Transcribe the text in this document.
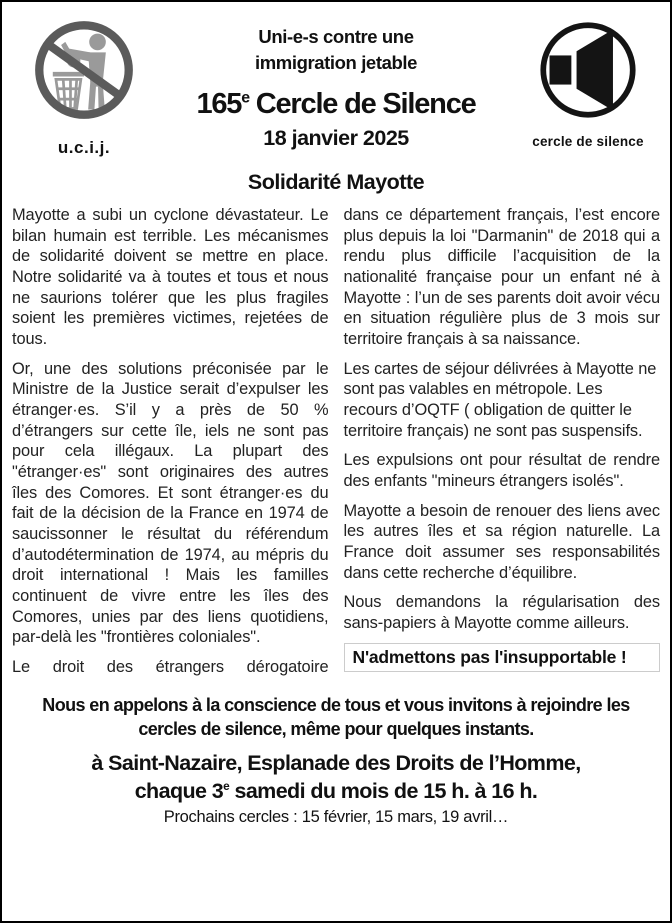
u.c.i.j.
Uni-e-s contre une
immigration jetable
165e Cercle de Silence
18 janvier 2025	cercle de silence
Solidarité Mayotte

Mayotte a subi un cyclone dévastateur. Le bilan humain est terrible. Les mécanismes de solidarité doivent se mettre en place. Notre solidarité va à toutes et tous et nous ne saurions tolérer que les plus fragiles soient les premières victimes, rejetées de tous.

Or, une des solutions préconisée par le Ministre de la Justice serait d’expulser les étranger·es. S’il y a près de 50 % d’étrangers sur cette île, iels ne sont pas pour cela illégaux. La plupart des "étranger·es" sont originaires des autres îles des Comores. Et sont étranger·es du fait de la décision de la France en 1974 de saucissonner le résultat du référendum d’autodétermination de 1974, au mépris du droit international ! Mais les familles continuent de vivre entre les îles des Comores, unies par des liens quotidiens, par-delà les "frontières coloniales".

Le droit des étrangers dérogatoire

dans ce département français, l’est encore plus depuis la loi "Darmanin" de 2018 qui a rendu plus difficile l’acquisition de la nationalité française pour un enfant né à Mayotte : l’un de ses parents doit avoir vécu en situation régulière plus de 3 mois sur territoire français à sa naissance.

Les cartes de séjour délivrées à Mayotte ne sont pas valables en métropole. Les recours d’OQTF ( obligation de quitter le territoire français) ne sont pas suspensifs.

Les expulsions ont pour résultat de rendre des enfants "mineurs étrangers isolés".

Mayotte a besoin de renouer des liens avec les autres îles et sa région naturelle. La France doit assumer ses responsabilités dans cette recherche d’équilibre.

Nous demandons la régularisation des sans-papiers à Mayotte comme ailleurs.

N'admettons pas l'insupportable !

Nous en appelons à la conscience de tous et vous invitons à rejoindre les cercles de silence, même pour quelques instants.

à Saint-Nazaire, Esplanade des Droits de l’Homme,

chaque 3e samedi du mois de 15 h. à 16 h.

Prochains cercles : 15 février, 15 mars, 19 avril…
